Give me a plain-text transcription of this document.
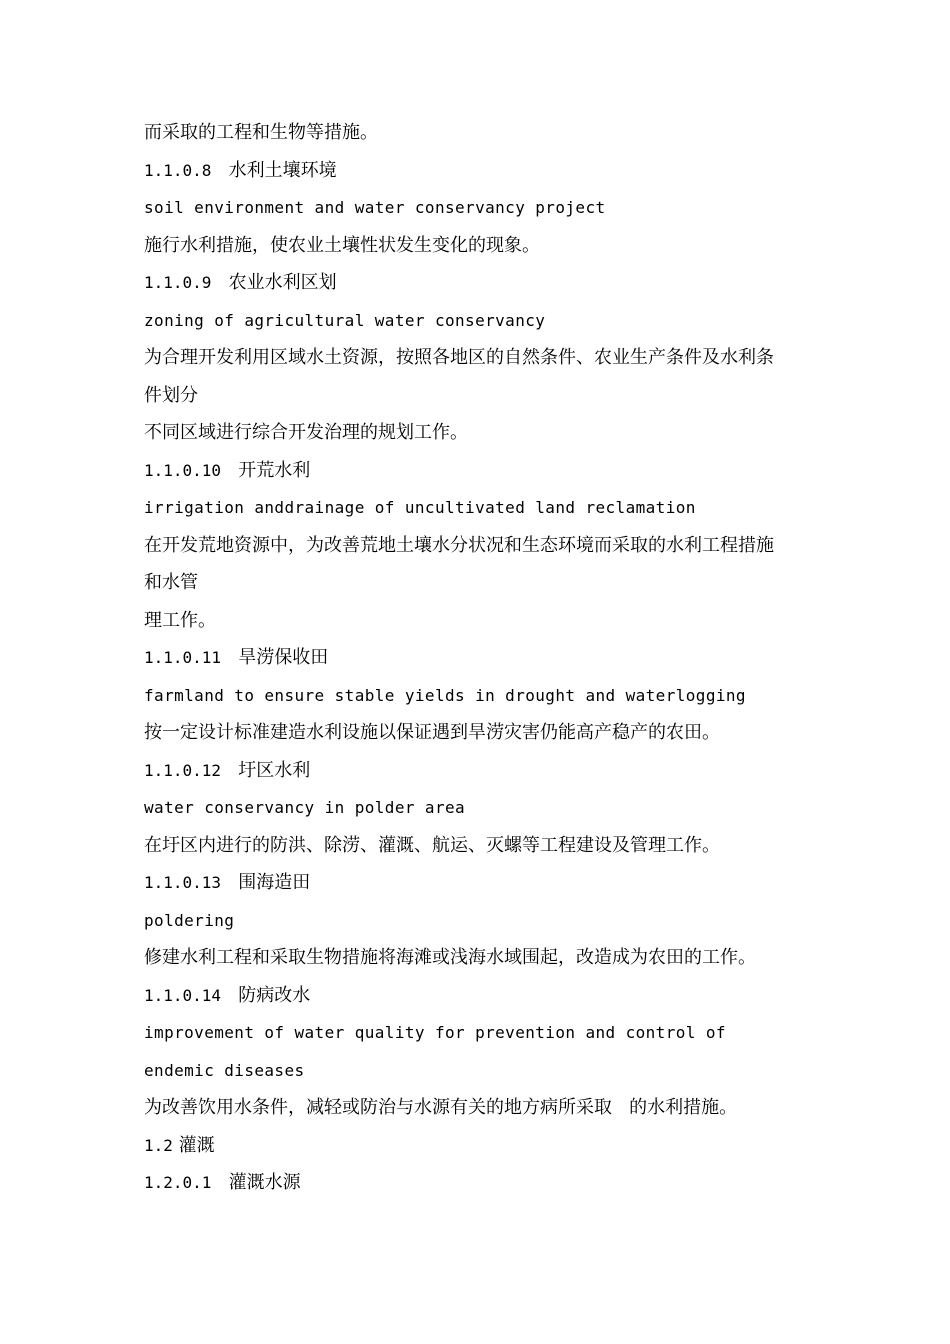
而采取的工程和生物等措施。
1.1.0.8 水利土壤环境
soil environment and water conservancy project
施行水利措施，使农业土壤性状发生变化的现象。
1.1.0.9 农业水利区划
zoning of agricultural water conservancy
为合理开发利用区域水土资源，按照各地区的自然条件、农业生产条件及水利条
件划分
不同区域进行综合开发治理的规划工作。
1.1.0.10 开荒水利
irrigation anddrainage of uncultivated land reclamation
在开发荒地资源中，为改善荒地土壤水分状况和生态环境而采取的水利工程措施
和水管
理工作。
1.1.0.11 旱涝保收田
farmland to ensure stable yields in drought and waterlogging
按一定设计标准建造水利设施以保证遇到旱涝灾害仍能高产稳产的农田。
1.1.0.12 圩区水利
water conservancy in polder area
在圩区内进行的防洪、除涝、灌溉、航运、灭螺等工程建设及管理工作。
1.1.0.13 围海造田
poldering
修建水利工程和采取生物措施将海滩或浅海水域围起，改造成为农田的工作。
1.1.0.14 防病改水
improvement of water quality for prevention and control of
endemic diseases
为改善饮用水条件，减轻或防治与水源有关的地方病所采取   的水利措施。
1.2 灌溉
1.2.0.1 灌溉水源
